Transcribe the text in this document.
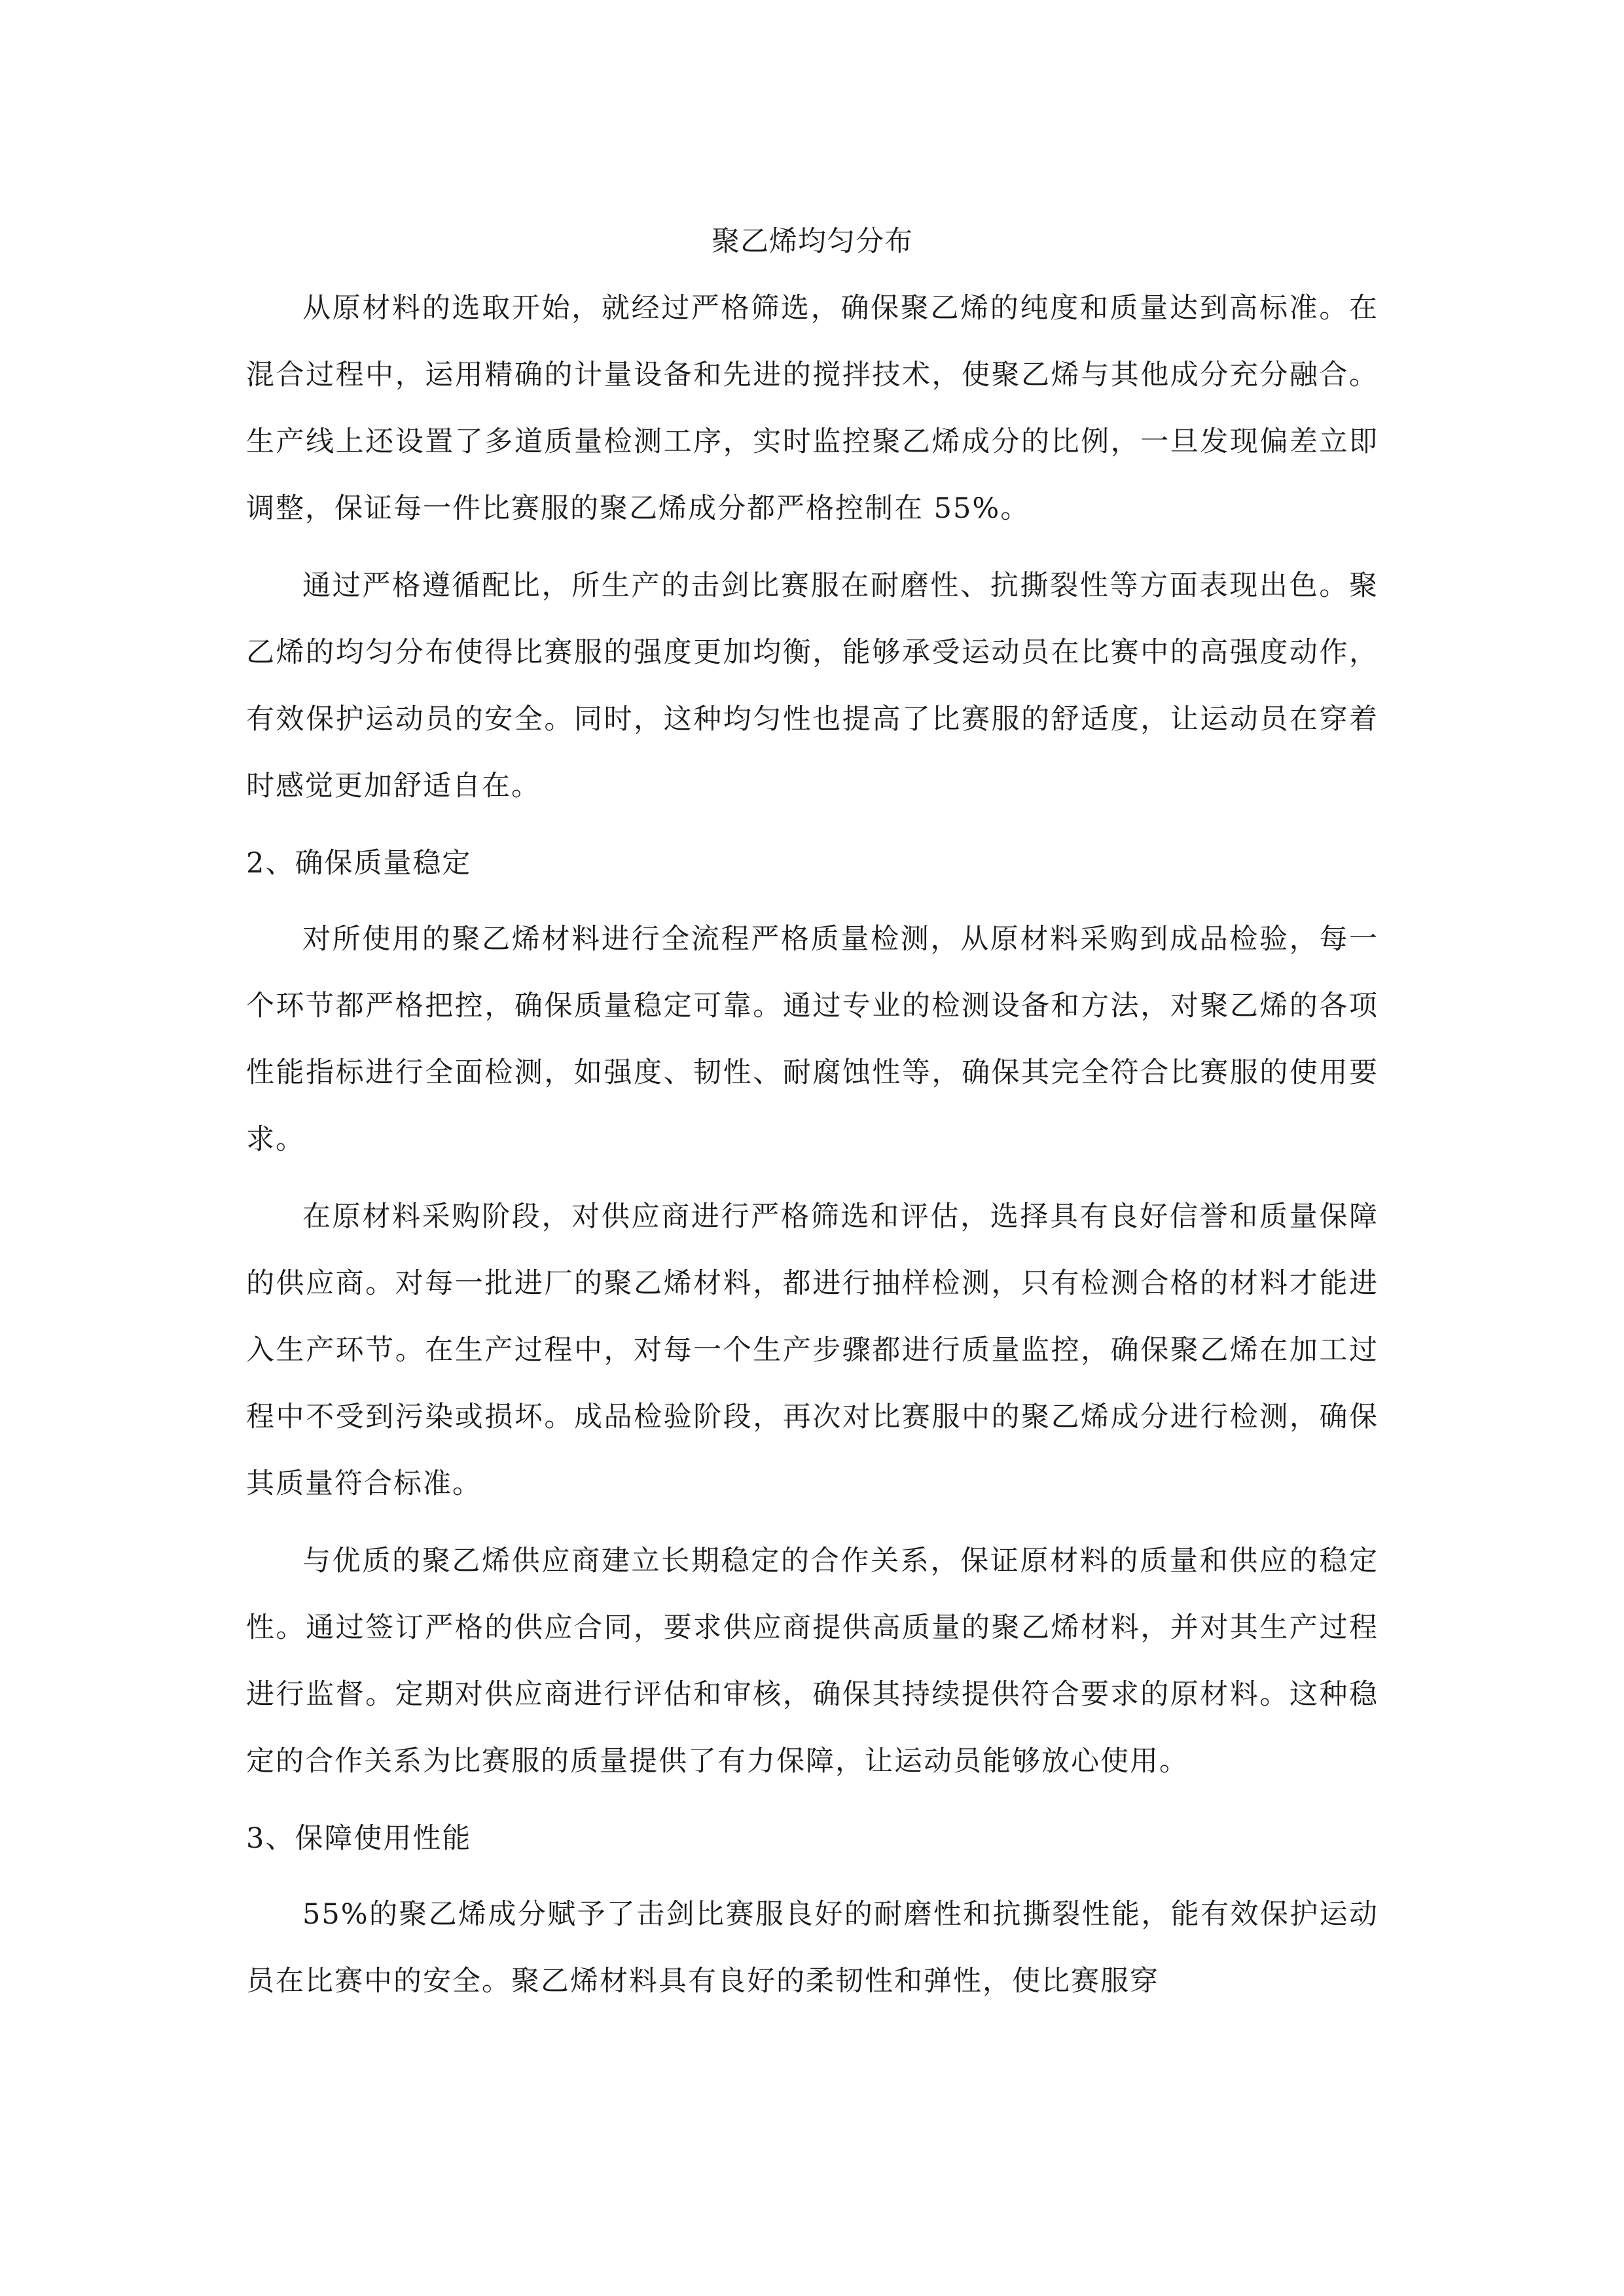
聚乙烯均匀分布

从原材料的选取开始，就经过严格筛选，确保聚乙烯的纯度和质量达到高标准。在混合过程中，运用精确的计量设备和先进的搅拌技术，使聚乙烯与其他成分充分融合。生产线上还设置了多道质量检测工序，实时监控聚乙烯成分的比例，一旦发现偏差立即调整，保证每一件比赛服的聚乙烯成分都严格控制在 55%。

通过严格遵循配比，所生产的击剑比赛服在耐磨性、抗撕裂性等方面表现出色。聚乙烯的均匀分布使得比赛服的强度更加均衡，能够承受运动员在比赛中的高强度动作，有效保护运动员的安全。同时，这种均匀性也提高了比赛服的舒适度，让运动员在穿着时感觉更加舒适自在。

2、确保质量稳定

对所使用的聚乙烯材料进行全流程严格质量检测，从原材料采购到成品检验，每一个环节都严格把控，确保质量稳定可靠。通过专业的检测设备和方法，对聚乙烯的各项性能指标进行全面检测，如强度、韧性、耐腐蚀性等，确保其完全符合比赛服的使用要求。

在原材料采购阶段，对供应商进行严格筛选和评估，选择具有良好信誉和质量保障的供应商。对每一批进厂的聚乙烯材料，都进行抽样检测，只有检测合格的材料才能进入生产环节。在生产过程中，对每一个生产步骤都进行质量监控，确保聚乙烯在加工过程中不受到污染或损坏。成品检验阶段，再次对比赛服中的聚乙烯成分进行检测，确保其质量符合标准。

与优质的聚乙烯供应商建立长期稳定的合作关系，保证原材料的质量和供应的稳定性。通过签订严格的供应合同，要求供应商提供高质量的聚乙烯材料，并对其生产过程进行监督。定期对供应商进行评估和审核，确保其持续提供符合要求的原材料。这种稳定的合作关系为比赛服的质量提供了有力保障，让运动员能够放心使用。

3、保障使用性能

55%的聚乙烯成分赋予了击剑比赛服良好的耐磨性和抗撕裂性能，能有效保护运动员在比赛中的安全。聚乙烯材料具有良好的柔韧性和弹性，使比赛服穿
